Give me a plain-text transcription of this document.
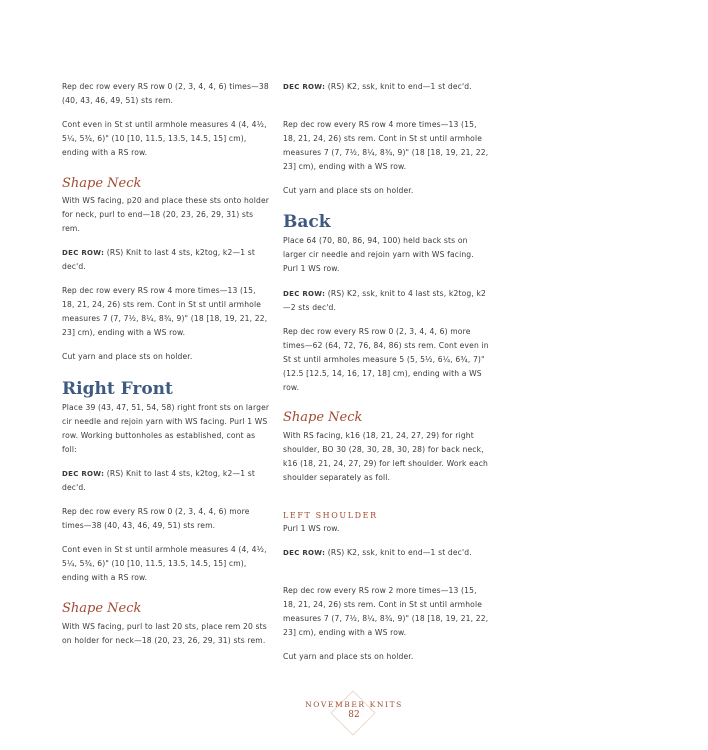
Rep dec row every RS row 0 (2, 3, 4, 4, 6) times—38 (40, 43, 46, 49, 51) sts rem.

Cont even in St st until armhole measures 4 (4, 4½, 5¼, 5¾, 6)" (10 [10, 11.5, 13.5, 14.5, 15] cm), ending with a RS row.

Shape Neck

With WS facing, p20 and place these sts onto holder for neck, purl to end—18 (20, 23, 26, 29, 31) sts rem.

DEC ROW: (RS) Knit to last 4 sts, k2tog, k2—1 st dec'd.

Rep dec row every RS row 4 more times—13 (15, 18, 21, 24, 26) sts rem. Cont in St st until armhole measures 7 (7, 7½, 8¼, 8¾, 9)" (18 [18, 19, 21, 22, 23] cm), ending with a WS row.

Cut yarn and place sts on holder.

Right Front

Place 39 (43, 47, 51, 54, 58) right front sts on larger cir needle and rejoin yarn with WS facing. Purl 1 WS row. Working buttonholes as established, cont as foll:

DEC ROW: (RS) Knit to last 4 sts, k2tog, k2—1 st dec'd.

Rep dec row every RS row 0 (2, 3, 4, 4, 6) more times—38 (40, 43, 46, 49, 51) sts rem.

Cont even in St st until armhole measures 4 (4, 4½, 5¼, 5¾, 6)" (10 [10, 11.5, 13.5, 14.5, 15] cm), ending with a RS row.

Shape Neck

With WS facing, purl to last 20 sts, place rem 20 sts on holder for neck—18 (20, 23, 26, 29, 31) sts rem.

DEC ROW: (RS) K2, ssk, knit to end—1 st dec'd.

Rep dec row every RS row 4 more times—13 (15, 18, 21, 24, 26) sts rem. Cont in St st until armhole measures 7 (7, 7½, 8¼, 8¾, 9)" (18 [18, 19, 21, 22, 23] cm), ending with a WS row.

Cut yarn and place sts on holder.

Back

Place 64 (70, 80, 86, 94, 100) held back sts on larger cir needle and rejoin yarn with WS facing. Purl 1 WS row.

DEC ROW: (RS) K2, ssk, knit to 4 last sts, k2tog, k2—2 sts dec'd.

Rep dec row every RS row 0 (2, 3, 4, 4, 6) more times—62 (64, 72, 76, 84, 86) sts rem. Cont even in St st until armholes measure 5 (5, 5½, 6¼, 6¾, 7)" (12.5 [12.5, 14, 16, 17, 18] cm), ending with a WS row.

Shape Neck

With RS facing, k16 (18, 21, 24, 27, 29) for right shoulder, BO 30 (28, 30, 28, 30, 28) for back neck, k16 (18, 21, 24, 27, 29) for left shoulder. Work each shoulder separately as foll.

LEFT SHOULDER

Purl 1 WS row.

DEC ROW: (RS) K2, ssk, knit to end—1 st dec'd.

Rep dec row every RS row 2 more times—13 (15, 18, 21, 24, 26) sts rem. Cont in St st until armhole measures 7 (7, 7½, 8¼, 8¾, 9)" (18 [18, 19, 21, 22, 23] cm), ending with a WS row.

Cut yarn and place sts on holder.

NOVEMBER KNITS
82
